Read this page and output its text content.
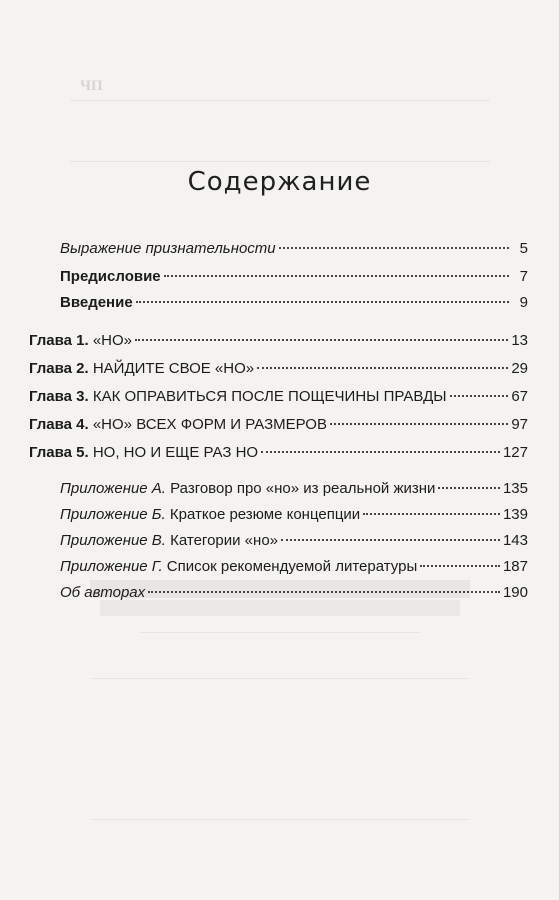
ЧП
Содержание
Выражение признательности	5
Предисловие	7
Введение	9
Глава 1. «НО»	13
Глава 2. НАЙДИТЕ СВОЕ «НО»	29
Глава 3. КАК ОПРАВИТЬСЯ ПОСЛЕ ПОЩЕЧИНЫ ПРАВДЫ	67
Глава 4. «НО» ВСЕХ ФОРМ И РАЗМЕРОВ	97
Глава 5. НО, НО И ЕЩЕ РАЗ НО	127
Приложение А. Разговор про «но» из реальной жизни	135
Приложение Б. Краткое резюме концепции	139
Приложение В. Категории «но»	143
Приложение Г. Список рекомендуемой литературы	187
Об авторах	190
